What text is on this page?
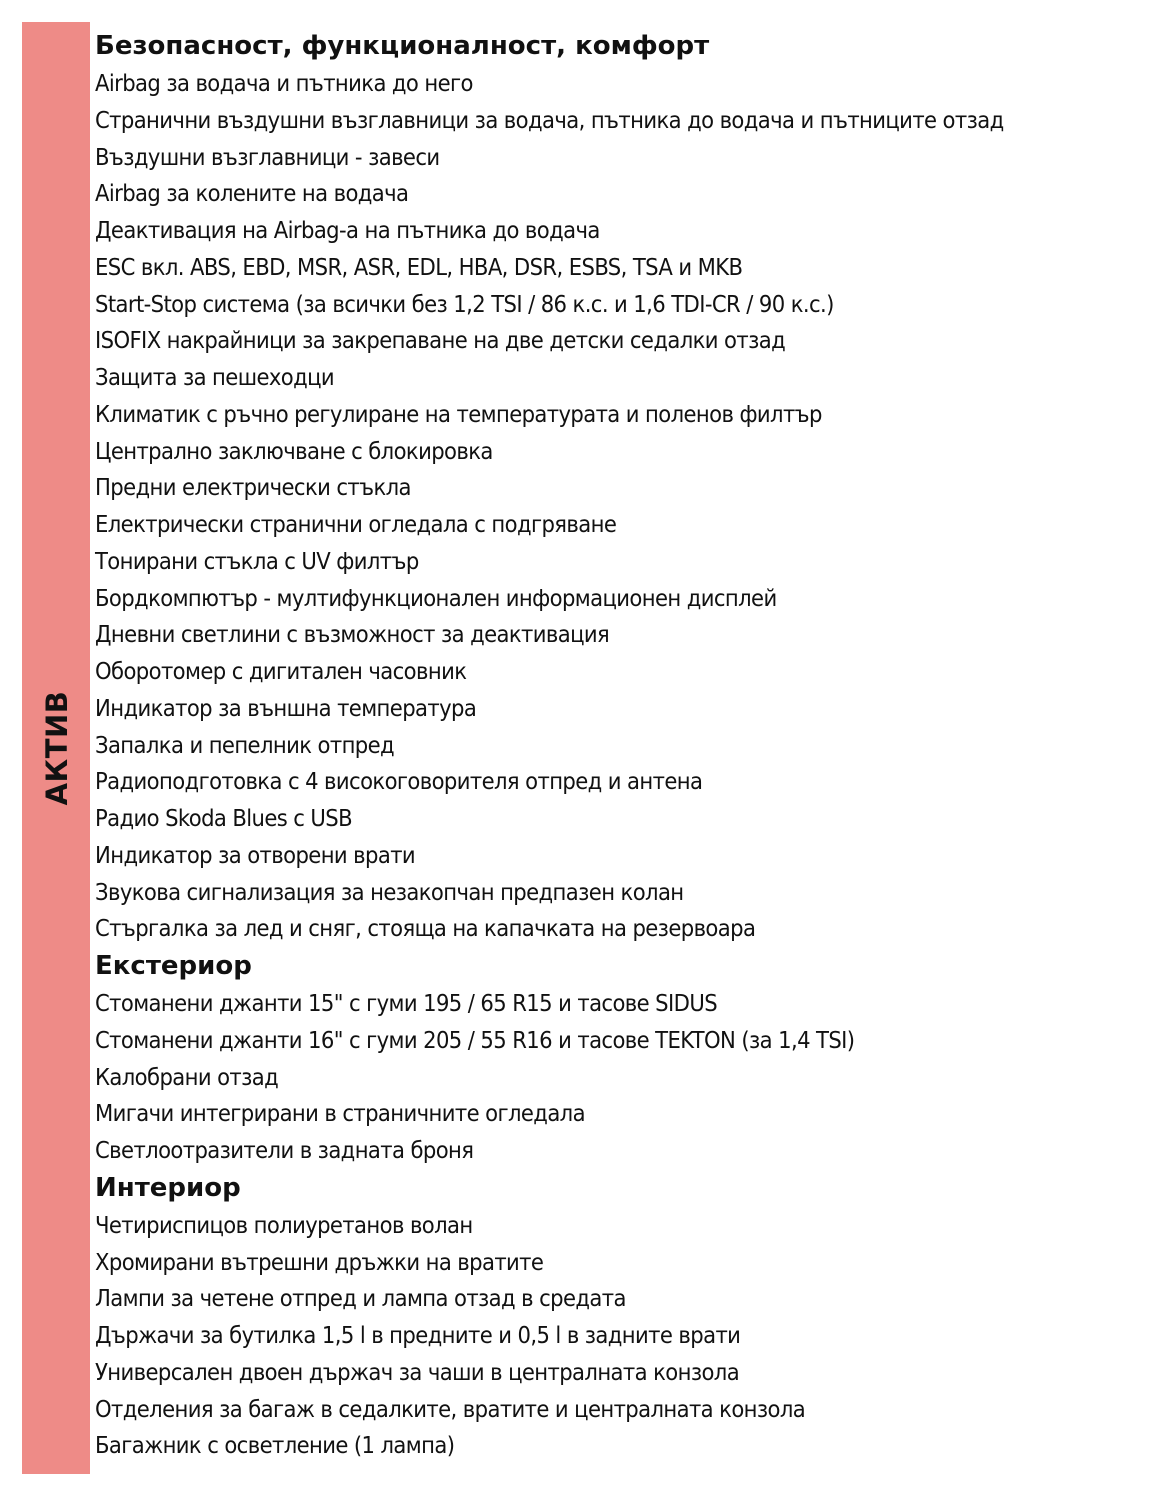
АКТИВ
Безопасност, функционалност, комфорт
Airbag за водача и пътника до него
Странични въздушни възглавници за водача, пътника до водача и пътниците отзад
Въздушни възглавници - завеси
Airbag за колените на водача
Деактивация на Airbag-a на пътника до водача
ESC вкл. ABS, EBD, MSR, ASR, EDL, HBA, DSR, ESBS, TSA и MKB
Start-Stop система (за всички без 1,2 TSI / 86 к.с. и 1,6 TDI-CR / 90 к.с.)
ISOFIX накрайници за закрепаване на две детски седалки отзад
Защита за пешеходци
Климатик с ръчно регулиране на температурата и поленов филтър
Централно заключване с блокировка
Предни електрически стъкла
Електрически странични огледала с подгряване
Тонирани стъкла с UV филтър
Бордкомпютър - мултифункционален информационен дисплей
Дневни светлини с възможност за деактивация
Оборотомер с дигитален часовник
Индикатор за външна температура
Запалка и пепелник отпред
Радиоподготовка с 4 високоговорителя отпред и антена
Радио Skoda Blues с USB
Индикатор за отворени врати
Звукова сигнализация за незакопчан предпазен колан
Стъргалка за лед и сняг, стояща на капачката на резервоара
Екстериор
Стоманени джанти 15" с гуми 195 / 65 R15 и тасове SIDUS
Стоманени джанти 16" с гуми 205 / 55 R16 и тасове TEKTON (за 1,4 TSI)
Калобрани отзад
Мигачи интегрирани в страничните огледала
Светлоотразители в задната броня
Интериор
Четириспицов полиуретанов волан
Хромирани вътрешни дръжки на вратите
Лампи за четене отпред и лампа отзад в средата
Държачи за бутилка 1,5 l в предните и 0,5 l в задните врати
Универсален двоен държач за чаши в централната конзола
Отделения за багаж в седалките, вратите и централната конзола
Багажник с осветление (1 лампа)
